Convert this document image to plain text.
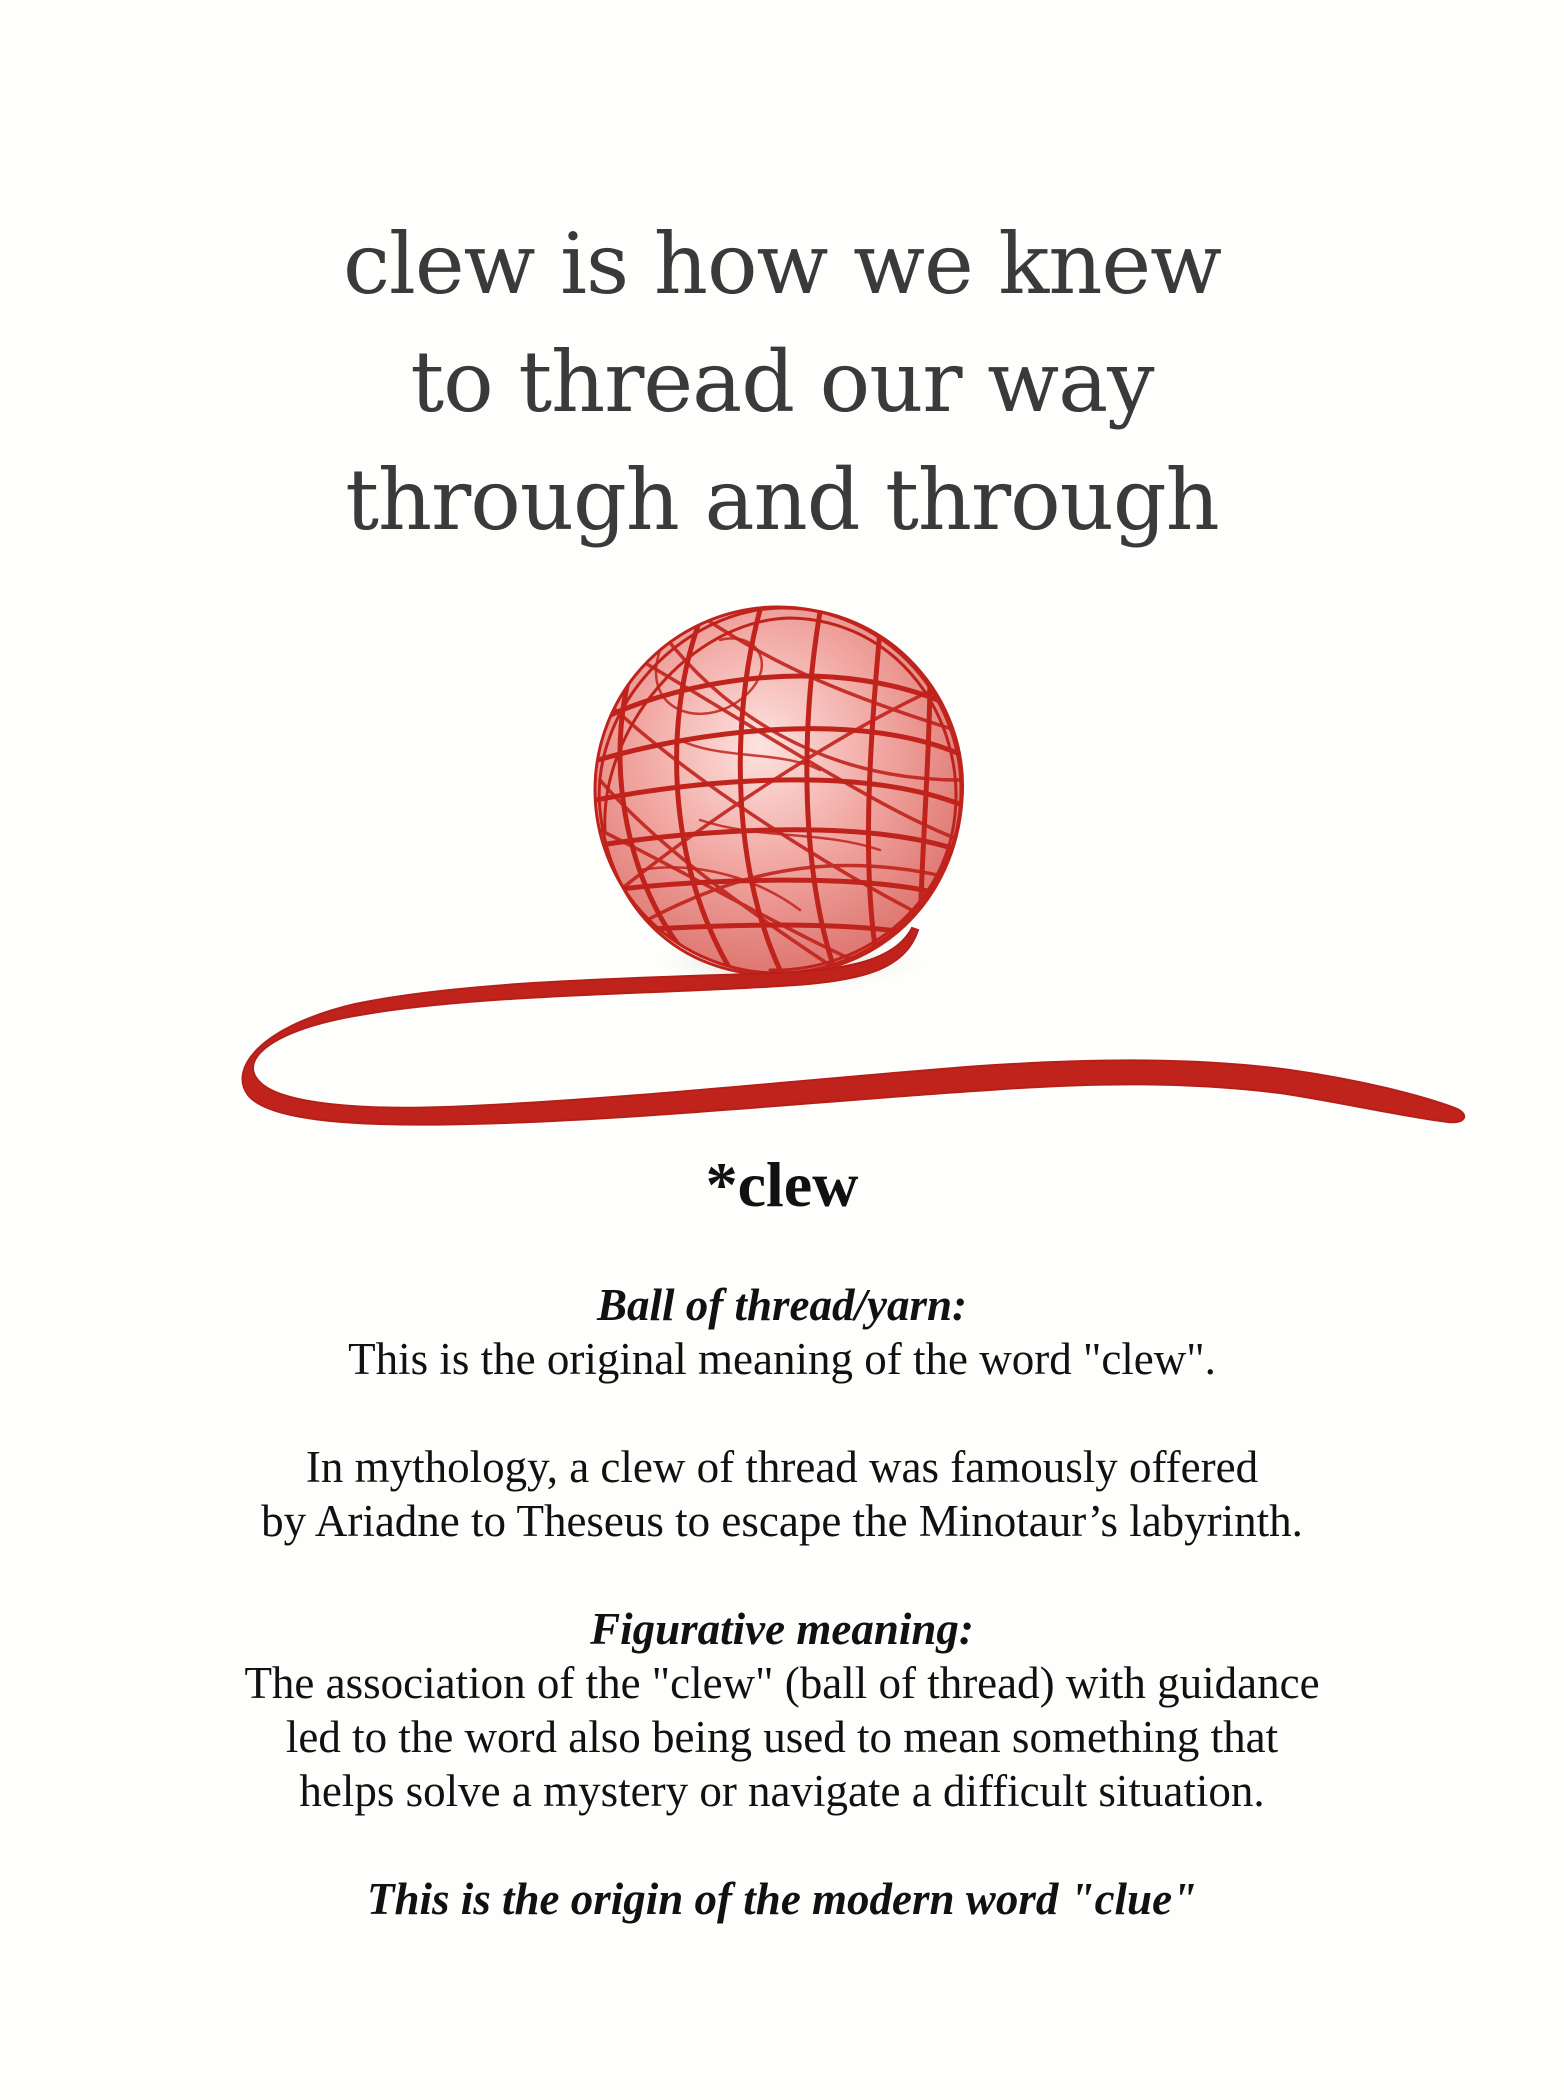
clew is how we knew
to thread our way
through and through
*clew
Ball of thread/yarn:
This is the original meaning of the word "clew".
In mythology, a clew of thread was famously offered
by Ariadne to Theseus to escape the Minotaur’s labyrinth.
Figurative meaning:
The association of the "clew" (ball of thread) with guidance
led to the word also being used to mean something that
helps solve a mystery or navigate a difficult situation.
This is the origin of the modern word "clue"
